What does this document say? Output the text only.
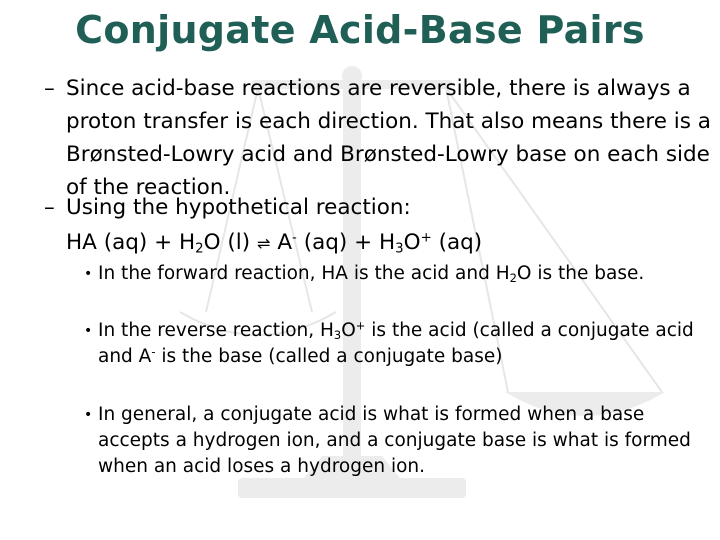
Conjugate Acid-Base Pairs
– Since acid-base reactions are reversible, there is always a proton transfer is each direction. That also means there is a Brønsted-Lowry acid and Brønsted-Lowry base on each side of the reaction.
– Using the hypothetical reaction:
HA $(aq) + H_2O$ (l) ⇌ A- $(aq) + H_3O^+$ (aq)
• In the forward reaction, HA is the acid and $H_2O$ is the base.
• In the reverse reaction, $H_3O^+$ is the acid (called a conjugate acid and A- is the base (called a conjugate base)
• In general, a conjugate acid is what is formed when a base accepts a hydrogen ion, and a conjugate base is what is formed when an acid loses a hydrogen ion.
